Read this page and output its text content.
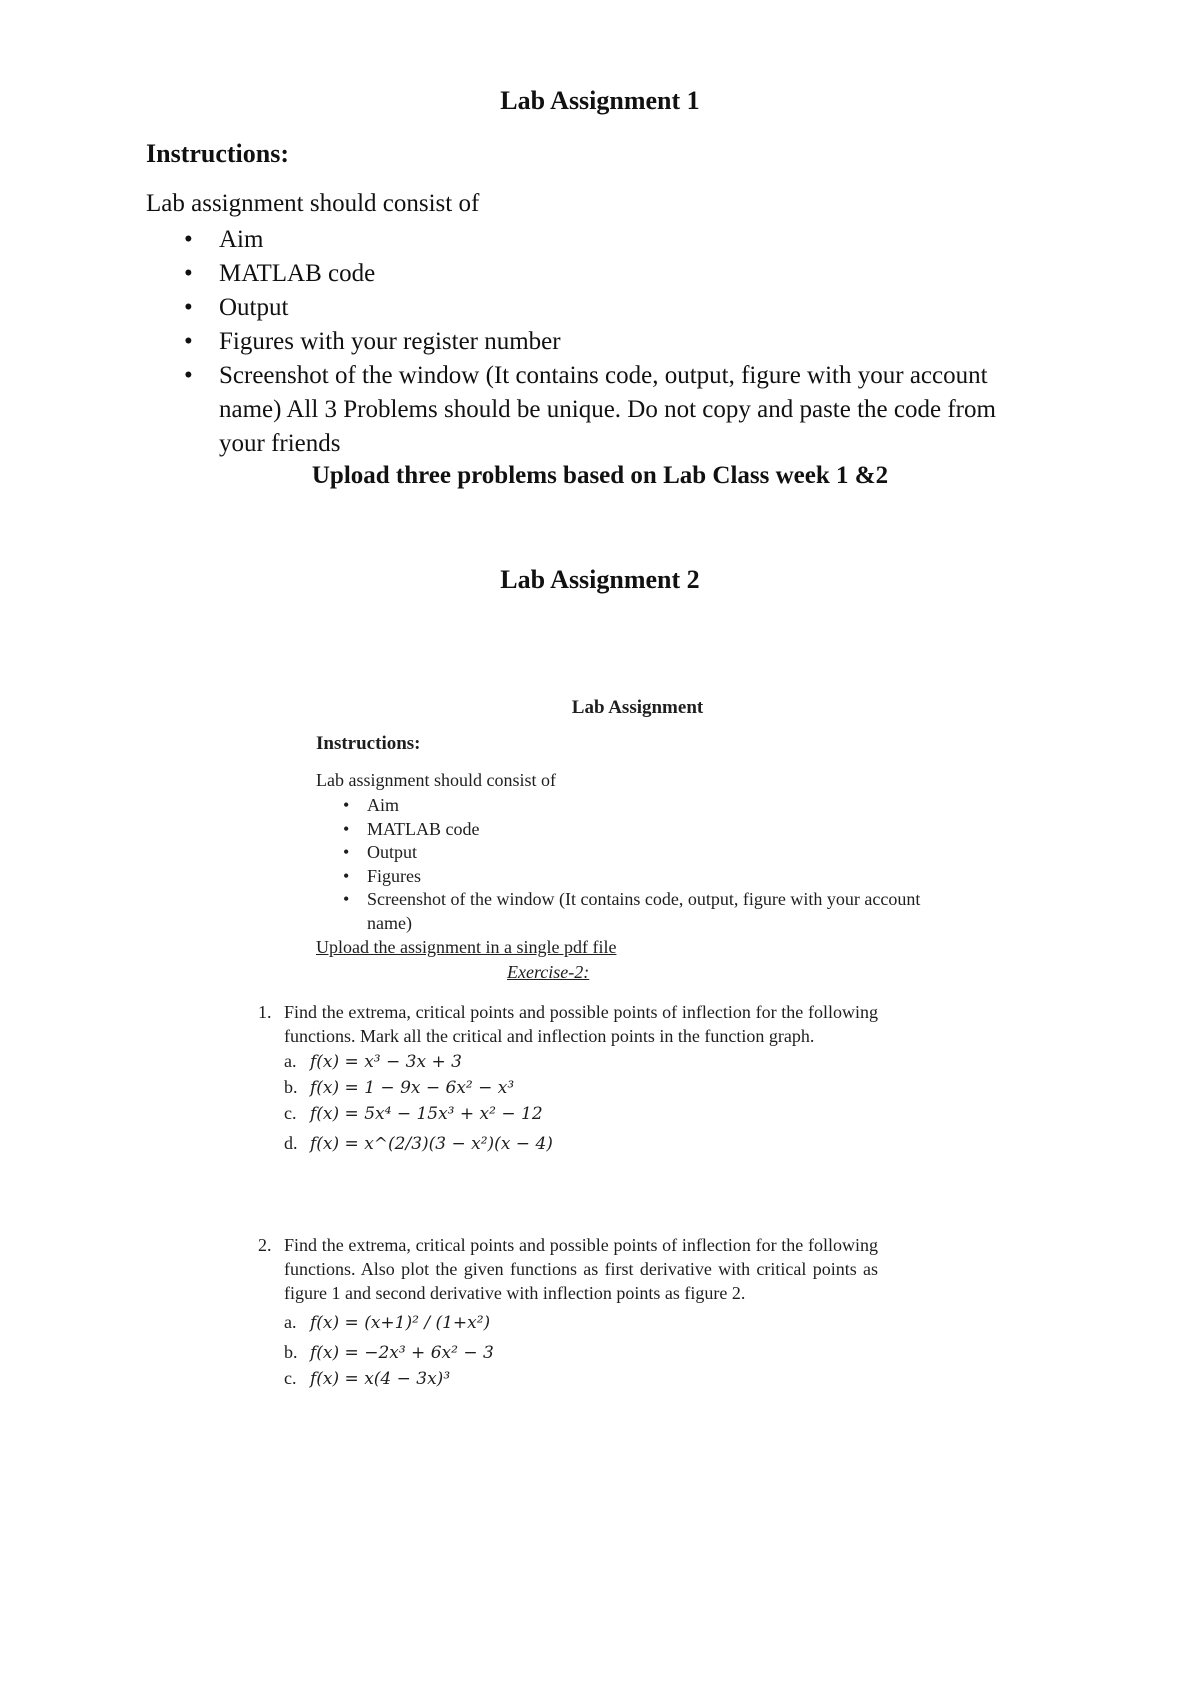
Lab Assignment 1
Instructions:
Lab assignment should consist of
• Aim
• MATLAB code
• Output
• Figures with your register number
• Screenshot of the window (It contains code, output, figure with your account name) All 3 Problems should be unique. Do not copy and paste the code from your friends
Upload three problems based on Lab Class week 1 &2
Lab Assignment 2
Lab Assignment
Instructions:
Lab assignment should consist of
• Aim
• MATLAB code
• Output
• Figures
• Screenshot of the window (It contains code, output, figure with your account name)
Upload the assignment in a single pdf file
Exercise-2:
1. Find the extrema, critical points and possible points of inflection for the following functions. Mark all the critical and inflection points in the function graph.
a. f(x) = x³ − 3x + 3
b. f(x) = 1 − 9x − 6x² − x³
c. f(x) = 5x⁴ − 15x³ + x² − 12
d. f(x) = x^(2/3)(3 − x²)(x − 4)
2. Find the extrema, critical points and possible points of inflection for the following functions. Also plot the given functions as first derivative with critical points as figure 1 and second derivative with inflection points as figure 2.
a. f(x) = (x+1)² / (1+x²)
b. f(x) = −2x³ + 6x² − 3
c. f(x) = x(4 − 3x)³
